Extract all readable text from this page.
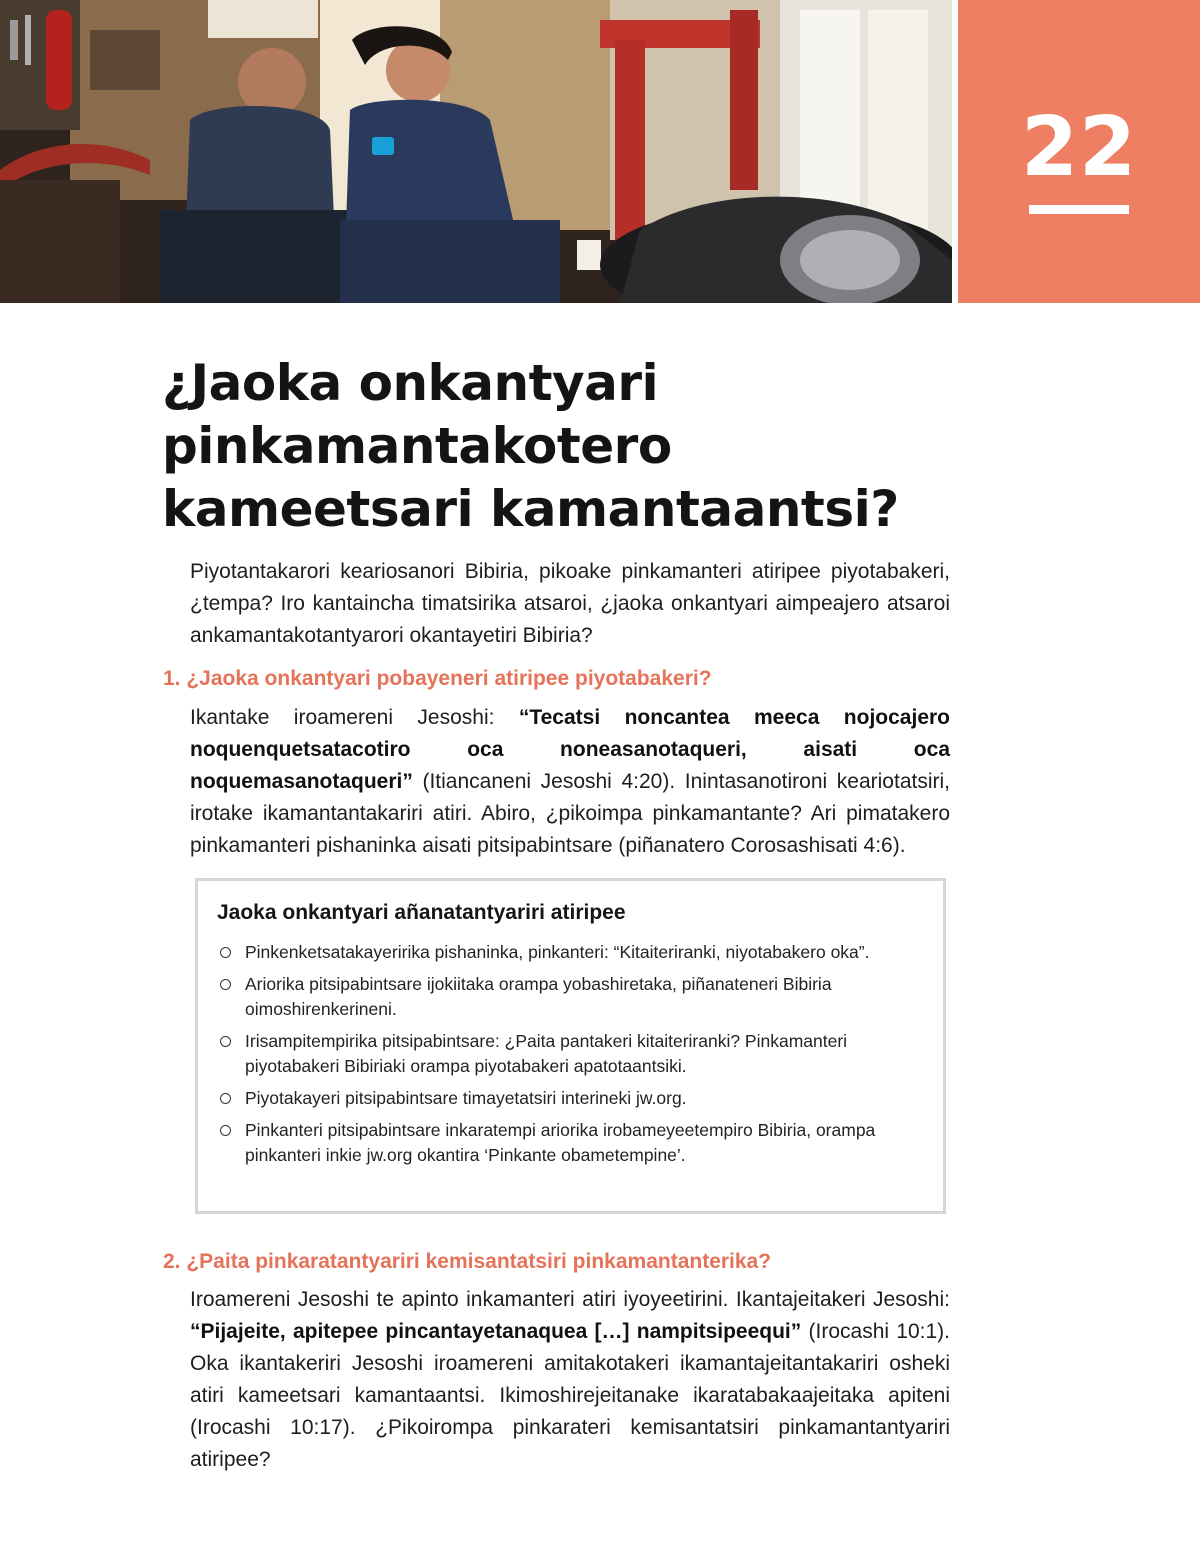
22
¿Jaoka onkantyari
pinkamantakotero
kameetsari kamantaantsi?

Piyotantakarori keariosanori Bibiria, pikoake pinkamanteri atiripee piyotabakeri, ¿tempa? Iro kantaincha timatsirika atsaroi, ¿jaoka onkantyari aimpeajero atsaroi ankamantakotantyarori okantayetiri Bibiria?

1. ¿Jaoka onkantyari pobayeneri atiripee piyotabakeri?

Ikantake iroamereni Jesoshi: “Tecatsi noncantea meeca nojocajero noquenquetsatacotiro oca noneasanotaqueri, aisati oca noquemasanotaqueri” (Itiancaneni Jesoshi 4:20). Inintasanotironi keariotatsiri, irotake ikamantantakariri atiri. Abiro, ¿pikoimpa pinkamantante? Ari pimatakero pinkamanteri pishaninka aisati pitsipabintsare (piñanatero Corosashisati 4:6).

Jaoka onkantyari añanatantyariri atiripee

Pinkenketsatakayeririka pishaninka, pinkanteri: “Kitaiteriranki, niyotabakero oka”.
Ariorika pitsipabintsare ijokiitaka orampa yobashiretaka, piñanateneri Bibiria oimoshirenkerineni.
Irisampitempirika pitsipabintsare: ¿Paita pantakeri kitaiteriranki? Pinkamanteri piyotabakeri Bibiriaki orampa piyotabakeri apatotaantsiki.
Piyotakayeri pitsipabintsare timayetatsiri interineki jw.org.
Pinkanteri pitsipabintsare inkaratempi ariorika irobameyeetempiro Bibiria, orampa pinkanteri inkie jw.org okantira ‘Pinkante obametempine’.

2. ¿Paita pinkaratantyariri kemisantatsiri pinkamantanterika?

Iroamereni Jesoshi te apinto inkamanteri atiri iyoyeetirini. Ikantajeitakeri Jesoshi: “Pijajeite, apitepee pincantayetanaquea […] nampitsipeequi” (Irocashi 10:1). Oka ikantakeriri Jesoshi iroamereni amitakotakeri ikamantajeitantakariri osheki atiri kameetsari kamantaantsi. Ikimoshirejeitanake ikaratabakaajeitaka apiteni (Irocashi 10:17). ¿Pikoirompa pinkarateri kemisantatsiri pinkamantantyariri atiripee?
